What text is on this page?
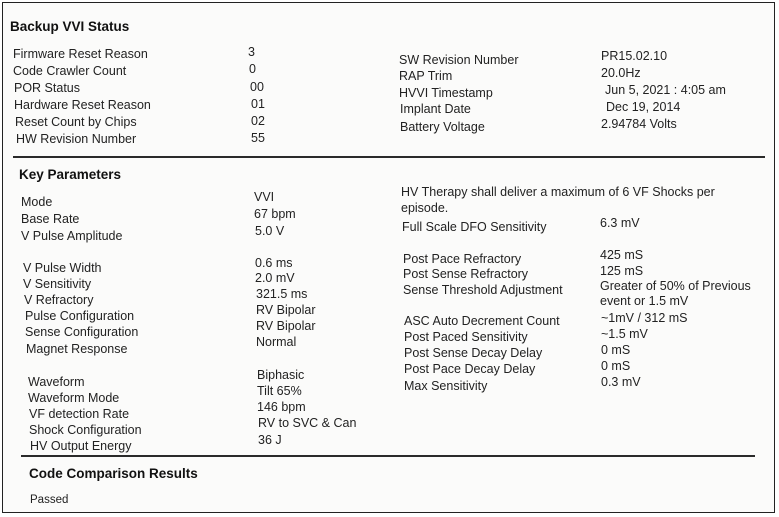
Backup VVI Status
Firmware Reset Reason	3
Code Crawler Count	0
POR Status	00
Hardware Reset Reason	01
Reset Count by Chips	02
HW Revision Number	55
SW Revision Number	PR15.02.10
RAP Trim	20.0Hz
HVVI Timestamp	Jun 5, 2021 : 4:05 am
Implant Date	Dec 19, 2014
Battery Voltage	2.94784 Volts
Key Parameters
Mode	VVI
Base Rate	67 bpm
V Pulse Amplitude	5.0 V
V Pulse Width	0.6 ms
V Sensitivity	2.0 mV
V Refractory	321.5 ms
Pulse Configuration	RV Bipolar
Sense Configuration	RV Bipolar
Magnet Response	Normal
Waveform	Biphasic
Waveform Mode	Tilt 65%
VF detection Rate	146 bpm
Shock Configuration	RV to SVC & Can
HV Output Energy	36 J
HV Therapy shall deliver a maximum of 6 VF Shocks per episode.
Full Scale DFO Sensitivity	6.3 mV
Post Pace Refractory	425 mS
Post Sense Refractory	125 mS
Sense Threshold Adjustment	Greater of 50% of Previous event or 1.5 mV
ASC Auto Decrement Count	~1mV / 312 mS
Post Paced Sensitivity	~1.5 mV
Post Sense Decay Delay	0 mS
Post Pace Decay Delay	0 mS
Max Sensitivity	0.3 mV
Code Comparison Results
Passed
